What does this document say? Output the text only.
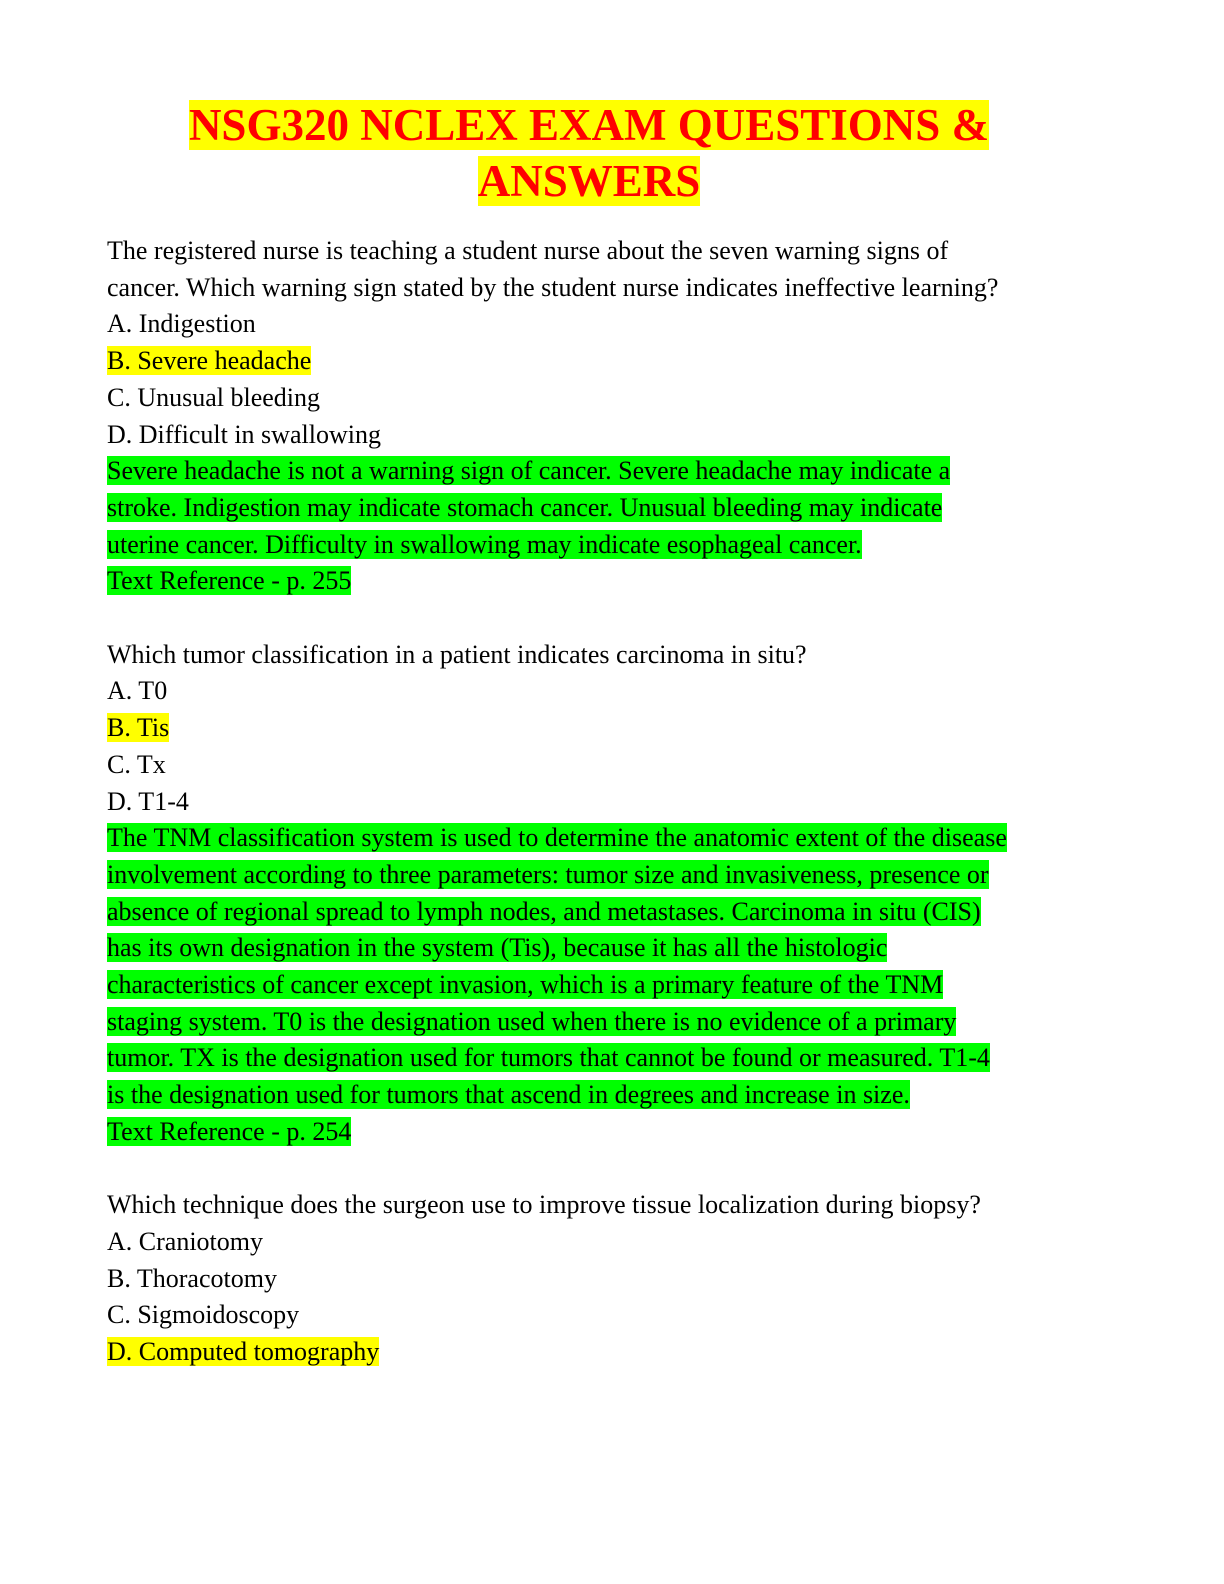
NSG320 NCLEX EXAM QUESTIONS &
ANSWERS
The registered nurse is teaching a student nurse about the seven warning signs of
cancer. Which warning sign stated by the student nurse indicates ineffective learning?
A. Indigestion
B. Severe headache
C. Unusual bleeding
D. Difficult in swallowing
Severe headache is not a warning sign of cancer. Severe headache may indicate a
stroke. Indigestion may indicate stomach cancer. Unusual bleeding may indicate
uterine cancer. Difficulty in swallowing may indicate esophageal cancer.
Text Reference - p. 255
Which tumor classification in a patient indicates carcinoma in situ?
A. T0
B. Tis
C. Tx
D. T1-4
The TNM classification system is used to determine the anatomic extent of the disease
involvement according to three parameters: tumor size and invasiveness, presence or
absence of regional spread to lymph nodes, and metastases. Carcinoma in situ (CIS)
has its own designation in the system (Tis), because it has all the histologic
characteristics of cancer except invasion, which is a primary feature of the TNM
staging system. T0 is the designation used when there is no evidence of a primary
tumor. TX is the designation used for tumors that cannot be found or measured. T1-4
is the designation used for tumors that ascend in degrees and increase in size.
Text Reference - p. 254
Which technique does the surgeon use to improve tissue localization during biopsy?
A. Craniotomy
B. Thoracotomy
C. Sigmoidoscopy
D. Computed tomography
